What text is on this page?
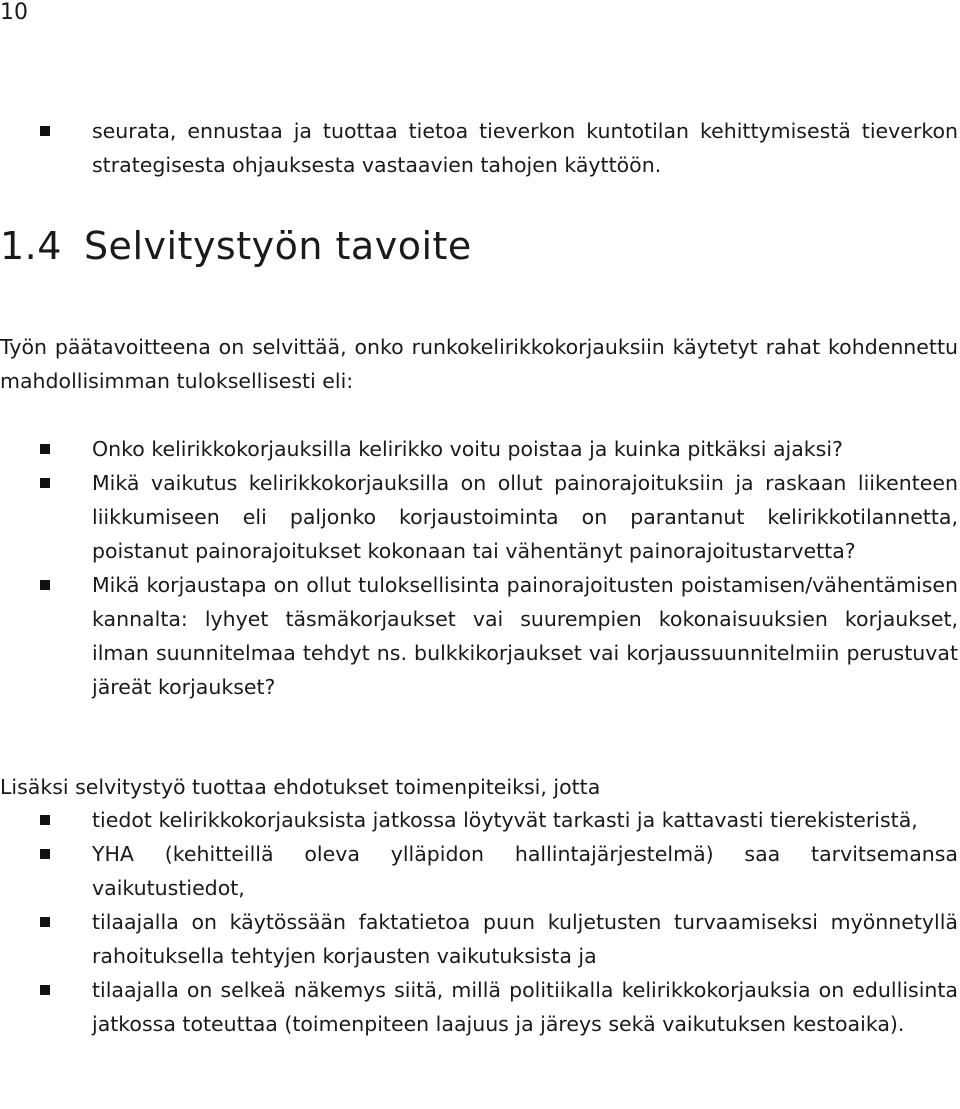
10
seurata, ennustaa ja tuottaa tietoa tieverkon kuntotilan kehittymisestä tieverkon strategisesta ohjauksesta vastaavien tahojen käyttöön.
1.4 Selvitystyön tavoite

Työn päätavoitteena on selvittää, onko runkokelirikkokorjauksiin käytetyt rahat kohdennettu mahdollisimman tuloksellisesti eli:

Onko kelirikkokorjauksilla kelirikko voitu poistaa ja kuinka pitkäksi ajaksi?
Mikä vaikutus kelirikkokorjauksilla on ollut painorajoituksiin ja raskaan liikenteen liikkumiseen eli paljonko korjaustoiminta on parantanut kelirikkotilannetta, poistanut painorajoitukset kokonaan tai vähentänyt painorajoitustarvetta?
Mikä korjaustapa on ollut tuloksellisinta painorajoitusten poistamisen/vähentämisen kannalta: lyhyet täsmäkorjaukset vai suurempien kokonaisuuksien korjaukset, ilman suunnitelmaa tehdyt ns. bulkkikorjaukset vai korjaussuunnitelmiin perustuvat järeät korjaukset?

Lisäksi selvitystyö tuottaa ehdotukset toimenpiteiksi, jotta

tiedot kelirikkokorjauksista jatkossa löytyvät tarkasti ja kattavasti tierekisteristä,
YHA (kehitteillä oleva ylläpidon hallintajärjestelmä) saa tarvitsemansa vaikutustiedot,
tilaajalla on käytössään faktatietoa puun kuljetusten turvaamiseksi myönnetyllä rahoituksella tehtyjen korjausten vaikutuksista ja
tilaajalla on selkeä näkemys siitä, millä politiikalla kelirikkokorjauksia on edullisinta jatkossa toteuttaa (toimenpiteen laajuus ja järeys sekä vaikutuksen kestoaika).
